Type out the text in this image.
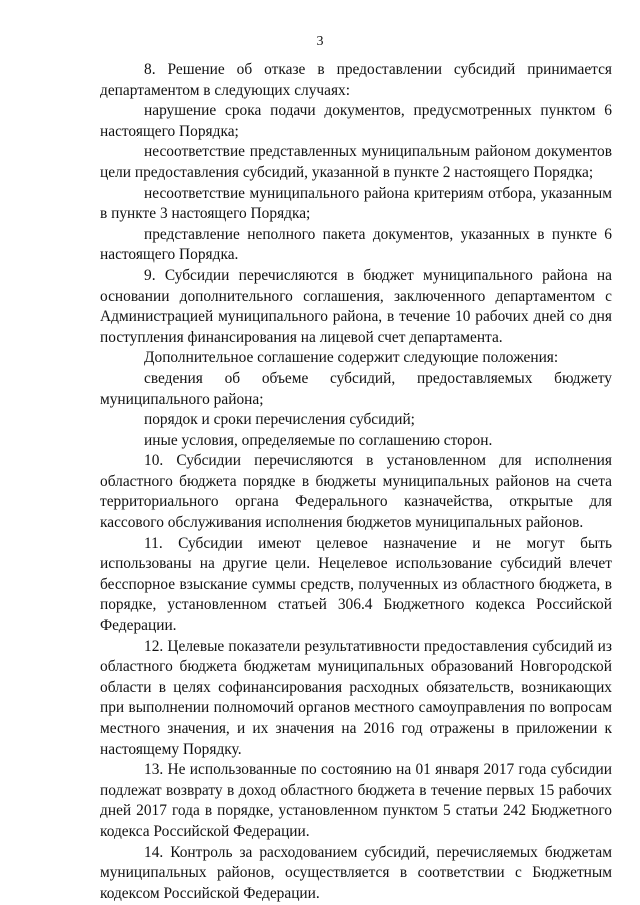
3

8. Решение об отказе в предоставлении субсидий принимается департаментом в следующих случаях:

нарушение срока подачи документов, предусмотренных пунктом 6 настоящего Порядка;

несоответствие представленных муниципальным районом документов цели предоставления субсидий, указанной в пункте 2 настоящего Порядка;

несоответствие муниципального района критериям отбора, указанным в пункте 3 настоящего Порядка;

представление неполного пакета документов, указанных в пункте 6 настоящего Порядка.

9. Субсидии перечисляются в бюджет муниципального района на основании дополнительного соглашения, заключенного департаментом с Администрацией муниципального района, в течение 10 рабочих дней со дня поступления финансирования на лицевой счет департамента.

Дополнительное соглашение содержит следующие положения:

сведения об объеме субсидий, предоставляемых бюджету муниципального района;

порядок и сроки перечисления субсидий;

иные условия, определяемые по соглашению сторон.

10. Субсидии перечисляются в установленном для исполнения областного бюджета порядке в бюджеты муниципальных районов на счета территориального органа Федерального казначейства, открытые для кассового обслуживания исполнения бюджетов муниципальных районов.

11. Субсидии имеют целевое назначение и не могут быть использованы на другие цели. Нецелевое использование субсидий влечет бесспорное взыскание суммы средств, полученных из областного бюджета, в порядке, установленном статьей 306.4 Бюджетного кодекса Российской Федерации.

12. Целевые показатели результативности предоставления субсидий из областного бюджета бюджетам муниципальных образований Новгородской области в целях софинансирования расходных обязательств, возникающих при выполнении полномочий органов местного самоуправления по вопросам местного значения, и их значения на 2016 год отражены в приложении к настоящему Порядку.

13. Не использованные по состоянию на 01 января 2017 года субсидии подлежат возврату в доход областного бюджета в течение первых 15 рабочих дней 2017 года в порядке, установленном пунктом 5 статьи 242 Бюджетного кодекса Российской Федерации.

14. Контроль за расходованием субсидий, перечисляемых бюджетам муниципальных районов, осуществляется в соответствии с Бюджетным кодексом Российской Федерации.
